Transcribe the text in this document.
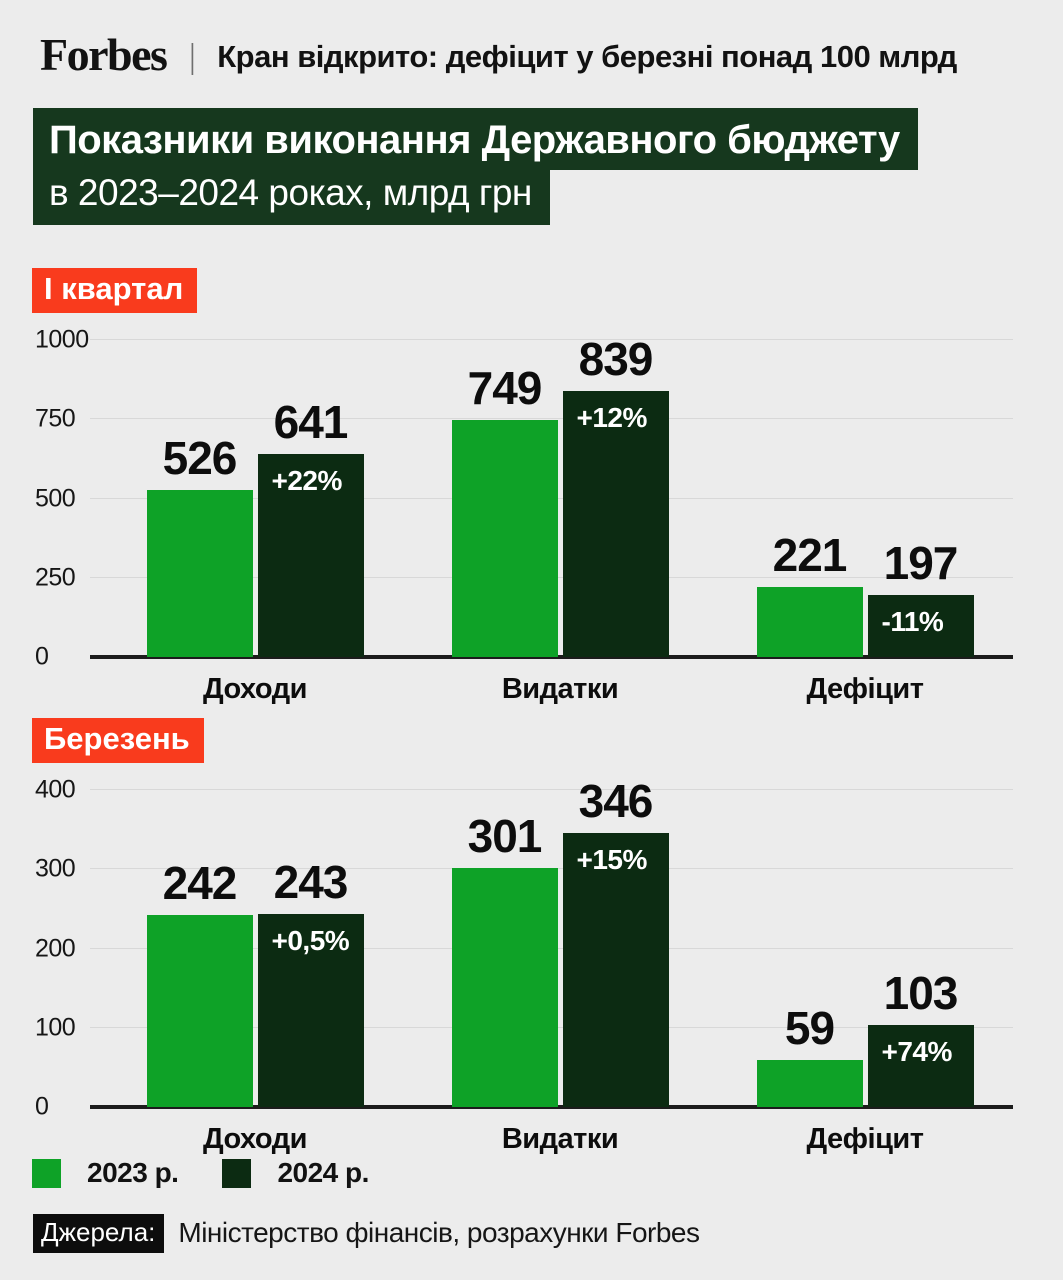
Forbes | Кран відкрито: дефіцит у березні понад 100 млрд
Показники виконання Державного бюджету
в 2023–2024 роках, млрд грн
І квартал
0
250
500
750
1000
526
641
+22%
Доходи
749
839
+12%
Видатки
221 197
-11%
Дефіцит
Березень
0
100
200
300
400
242 243
+0,5%
Доходи
301
346
+15%
Видатки
59
103
+74%
Дефіцит
2023 р.	2024 р.
Джерела: Міністерство фінансів, розрахунки Forbes
